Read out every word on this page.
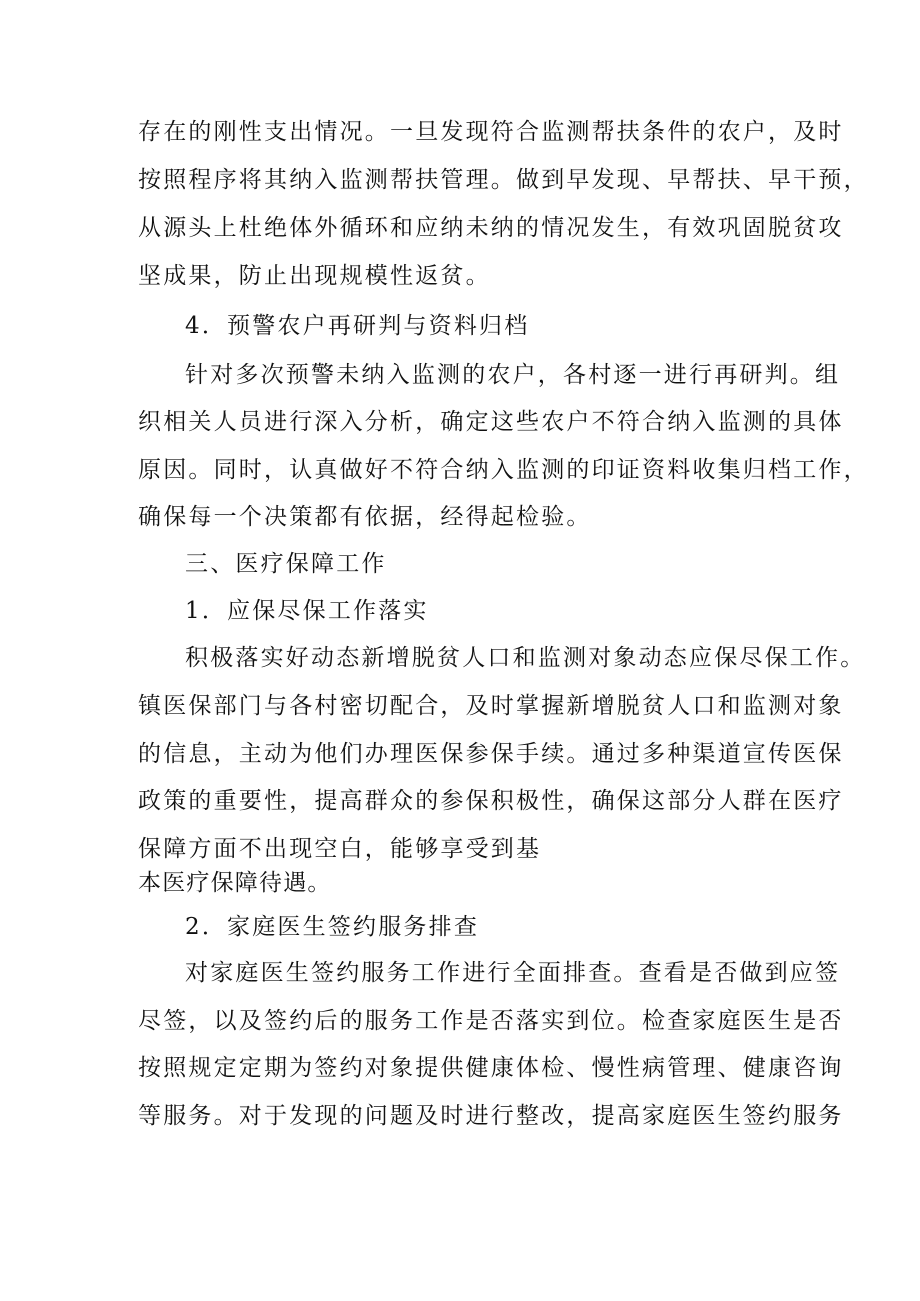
存在的刚性支出情况。一旦发现符合监测帮扶条件的农户，及时
按照程序将其纳入监测帮扶管理。做到早发现、早帮扶、早干预，
从源头上杜绝体外循环和应纳未纳的情况发生，有效巩固脱贫攻
坚成果，防止出现规模性返贫。
4．预警农户再研判与资料归档
针对多次预警未纳入监测的农户，各村逐一进行再研判。组
织相关人员进行深入分析，确定这些农户不符合纳入监测的具体
原因。同时，认真做好不符合纳入监测的印证资料收集归档工作，
确保每一个决策都有依据，经得起检验。
三、医疗保障工作
1．应保尽保工作落实
积极落实好动态新增脱贫人口和监测对象动态应保尽保工作。
镇医保部门与各村密切配合，及时掌握新增脱贫人口和监测对象
的信息，主动为他们办理医保参保手续。通过多种渠道宣传医保
政策的重要性，提高群众的参保积极性，确保这部分人群在医疗
保障方面不出现空白，能够享受到基
本医疗保障待遇。
2．家庭医生签约服务排查
对家庭医生签约服务工作进行全面排查。查看是否做到应签
尽签，以及签约后的服务工作是否落实到位。检查家庭医生是否
按照规定定期为签约对象提供健康体检、慢性病管理、健康咨询
等服务。对于发现的问题及时进行整改，提高家庭医生签约服务
